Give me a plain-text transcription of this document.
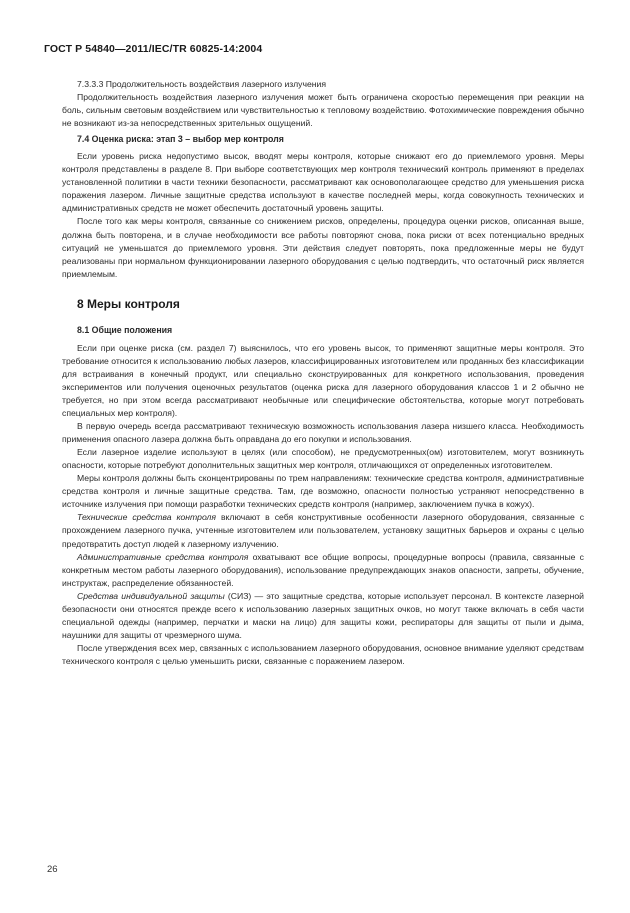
ГОСТ Р 54840—2011/IEC/TR 60825-14:2004

7.3.3.3 Продолжительность воздействия лазерного излучения

Продолжительность воздействия лазерного излучения может быть ограничена скоростью перемещения при реакции на боль, сильным световым воздействием или чувствительностью к тепловому воздействию. Фотохимические повреждения обычно не возникают из-за непосредственных зрительных ощущений.

7.4 Оценка риска: этап 3 – выбор мер контроля

Если уровень риска недопустимо высок, вводят меры контроля, которые снижают его до приемлемого уровня. Меры контроля представлены в разделе 8. При выборе соответствующих мер контроля технический контроль применяют в пределах установленной политики в части техники безопасности, рассматривают как основополагающее средство для уменьшения риска поражения лазером. Личные защитные средства используют в качестве последней меры, когда совокупность технических и административных средств не может обеспечить достаточный уровень защиты.

После того как меры контроля, связанные со снижением рисков, определены, процедура оценки рисков, описанная выше, должна быть повторена, и в случае необходимости все работы повторяют снова, пока риски от всех потенциально вредных ситуаций не уменьшатся до приемлемого уровня. Эти действия следует повторять, пока предложенные меры не будут реализованы при нормальном функционировании лазерного оборудования с целью подтвердить, что остаточный риск является приемлемым.

8 Меры контроля

8.1 Общие положения

Если при оценке риска (см. раздел 7) выяснилось, что его уровень высок, то применяют защитные меры контроля. Это требование относится к использованию любых лазеров, классифицированных изготовителем или проданных без классификации для встраивания в конечный продукт, или специально сконструированных для конкретного использования, проведения экспериментов или получения оценочных результатов (оценка риска для лазерного оборудования классов 1 и 2 обычно не требуется, но при этом всегда рассматривают необычные или специфические обстоятельства, которые могут потребовать специальных мер контроля).

В первую очередь всегда рассматривают техническую возможность использования лазера низшего класса. Необходимость применения опасного лазера должна быть оправдана до его покупки и использования.

Если лазерное изделие используют в целях (или способом), не предусмотренных(ом) изготовителем, могут возникнуть опасности, которые потребуют дополнительных защитных мер контроля, отличающихся от определенных изготовителем.

Меры контроля должны быть сконцентрированы по трем направлениям: технические средства контроля, административные средства контроля и личные защитные средства. Там, где возможно, опасности полностью устраняют непосредственно в источнике излучения при помощи разработки технических средств контроля (например, заключением пучка в кожух).

Технические средства контроля включают в себя конструктивные особенности лазерного оборудования, связанные с прохождением лазерного пучка, учтенные изготовителем или пользователем, установку защитных барьеров и охраны с целью предотвратить доступ людей к лазерному излучению.

Административные средства контроля охватывают все общие вопросы, процедурные вопросы (правила, связанные с конкретным местом работы лазерного оборудования), использование предупреждающих знаков опасности, запреты, обучение, инструктаж, распределение обязанностей.

Средства индивидуальной защиты (СИЗ) — это защитные средства, которые использует персонал. В контексте лазерной безопасности они относятся прежде всего к использованию лазерных защитных очков, но могут также включать в себя части специальной одежды (например, перчатки и маски на лицо) для защиты кожи, респираторы для защиты от пыли и дыма, наушники для защиты от чрезмерного шума.

После утверждения всех мер, связанных с использованием лазерного оборудования, основное внимание уделяют средствам технического контроля с целью уменьшить риски, связанные с поражением лазером.

26
